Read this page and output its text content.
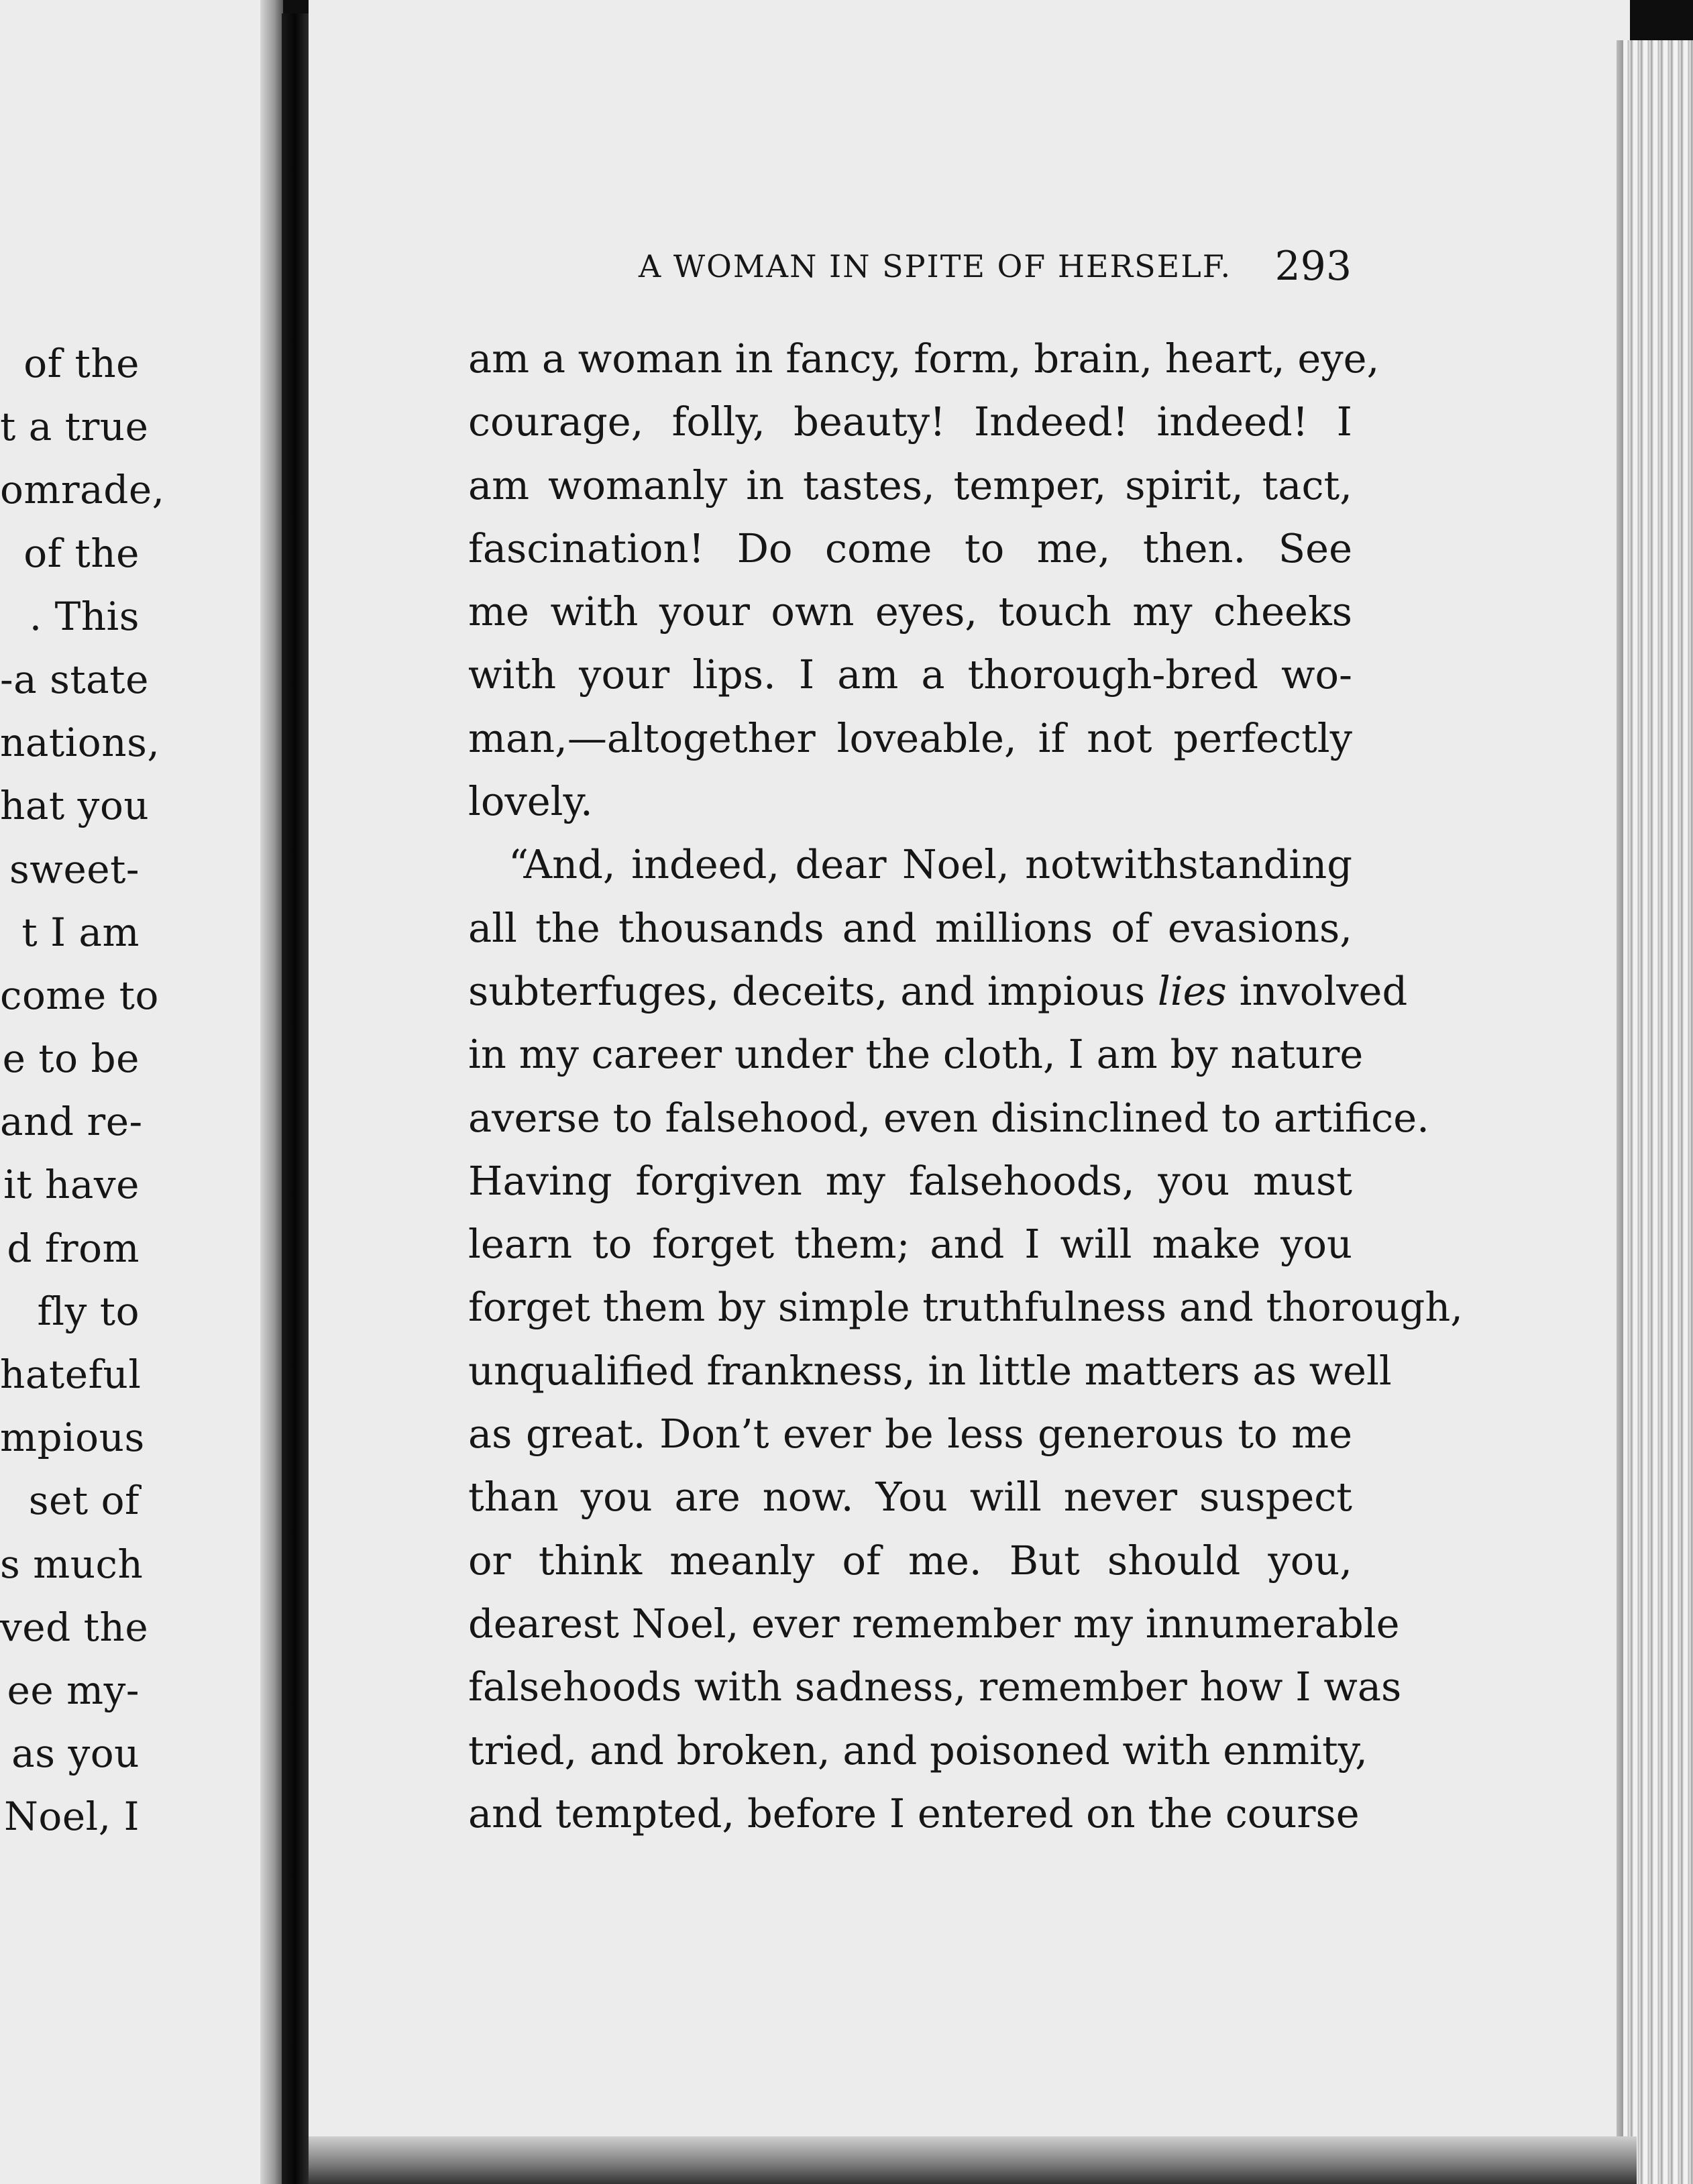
of the
t a true
omrade,
of the
. This
-a state
nations,
hat you
sweet-
t I am
come to
e to be
and re-
it have
d from
fly to
hateful
mpious
set of
s much
ved the
ee my-
as you
Noel, I
A WOMAN IN SPITE OF HERSELF. 293
am a woman in fancy, form, brain, heart, eye,
courage, folly, beauty! Indeed! indeed! I
am womanly in tastes, temper, spirit, tact,
fascination! Do come to me, then. See
me with your own eyes, touch my cheeks
with your lips. I am a thorough-bred wo-
man,—altogether loveable, if not perfectly
lovely.
“And, indeed, dear Noel, notwithstanding
all the thousands and millions of evasions,
subterfuges, deceits, and impious lies involved
in my career under the cloth, I am by nature
averse to falsehood, even disinclined to artifice.
Having forgiven my falsehoods, you must
learn to forget them; and I will make you
forget them by simple truthfulness and thorough,
unqualified frankness, in little matters as well
as great. Don’t ever be less generous to me
than you are now. You will never suspect
or think meanly of me. But should you,
dearest Noel, ever remember my innumerable
falsehoods with sadness, remember how I was
tried, and broken, and poisoned with enmity,
and tempted, before I entered on the course
